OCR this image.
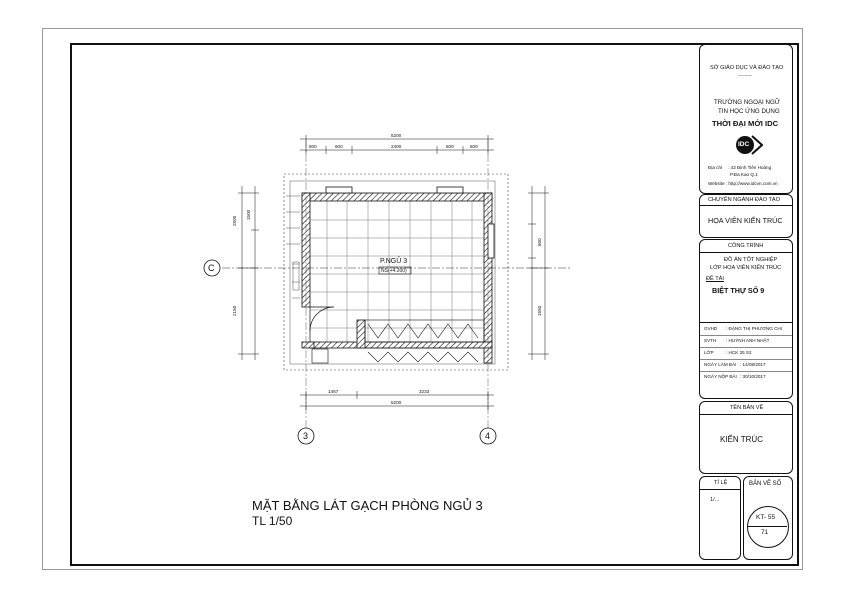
C
3	4
P.NGỦ 3
NS(+4.200)
5200
600	600	2400	600	600
1467	3233
5200
2500
1500
2150
600
1550
MẶT BẰNG LÁT GẠCH PHÒNG NGỦ 3
TL 1/50
SỞ GIÁO DỤC VÀ ĐÀO TẠO
---------
TRƯỜNG NGOẠI NGỮ
TIN HỌC ỨNG DỤNG
THỜI ĐẠI MỚI IDC
IDC
Địa chỉ : 43 Đinh Tiên Hoàng
P.Đa Kao Q.1
Website : http://www.idcvn.com.vn
CHUYÊN NGÀNH ĐÀO TẠO
HỌA VIÊN KIẾN TRÚC
CÔNG TRÌNH
ĐỒ ÁN TỐT NGHIỆP
LỚP HỌA VIÊN KIẾN TRÚC
ĐỀ TÀI
BIỆT THỰ SỐ 9
GVHD : ĐẶNG THỊ PHƯƠNG CHI
SVTH : HUỲNH ANH NHẬT
LỚP	: HCK 35 S2
NGÀY LÀM BÀI : 14/08/2017
NGÀY NỘP BÀI : 30/10/2017
TÊN BẢN VẼ
KIẾN TRÚC
TỈ LỆ
1/...
BẢN VẼ SỐ
KT- 55
71
